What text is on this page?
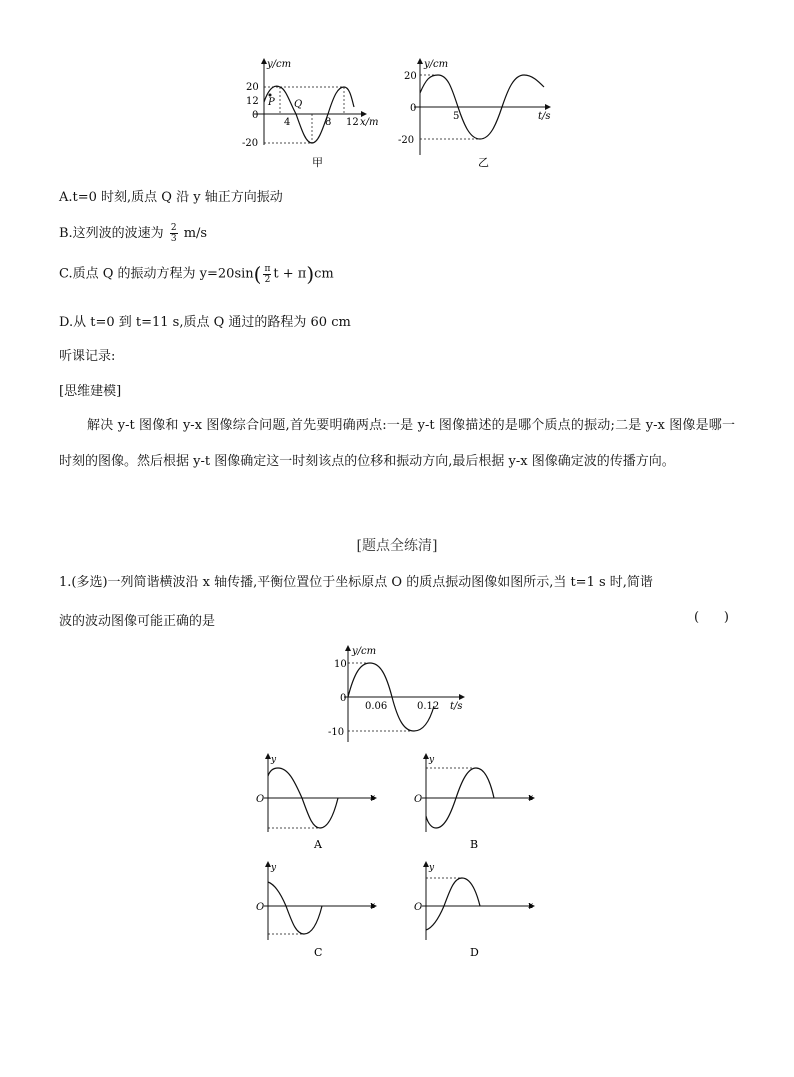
y/cm
20
12
0
-20
P Q
4	8 12 x/m
甲
y/cm
20
0
-20
5	t/s
乙
A.t=0 时刻,质点 Q 沿 y 轴正方向振动
B.这列波的波速为 $\frac{2}{3} m/s$
C.质点 Q 的振动方程为 $y=20\sin( \frac{\pi}{2}$ t + π)cm
D.从 t=0 到 t=11 s,质点 Q 通过的路程为 60 cm
听课记录:
[思维建模]
解决 y-t 图像和 y-x 图像综合问题,首先要明确两点:一是 y-t 图像描述的是哪个质点的振动;二是 y-x 图像是哪一时刻的图像。然后根据 y-t 图像确定这一时刻该点的位移和振动方向,最后根据 y-x 图像确定波的传播方向。
[题点全练清]
1.(多选)一列简谐横波沿 x 轴传播,平衡位置位于坐标原点 O 的质点振动图像如图所示,当 t=1 s 时,简谐
波的波动图像可能正确的是	(      )
y/cm
10
0
-10
0.06	0.12 t/s
y
O	x
A
y
O	x
B
y
O	x
C
y
O	x
D
